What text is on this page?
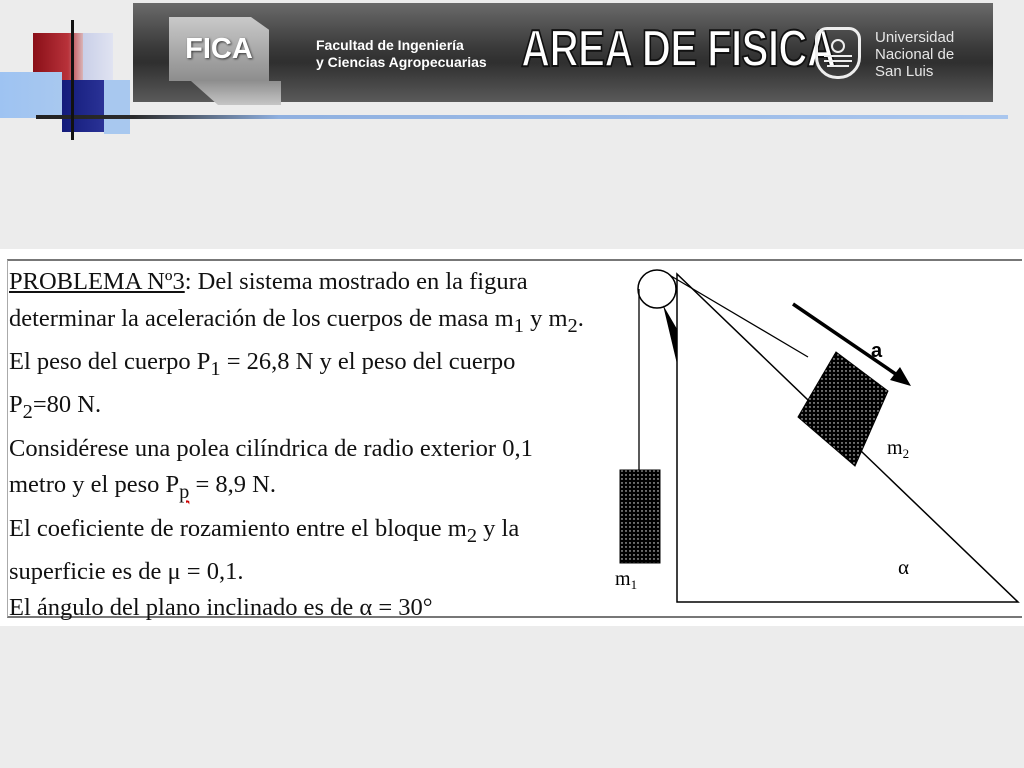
FICA	Facultad de Ingeniería
y Ciencias Agropecuarias AREA DE FISICA	Universidad
Nacional de
San Luis

PROBLEMA Nº3: Del sistema mostrado en la figura

determinar la aceleración de los cuerpos de masa $m_1$ y $m_2$.

El peso del cuerpo $P_1 = 26,8$ N y el peso del cuerpo

$P_2=80$ N.

Considérese una polea cilíndrica de radio exterior 0,1

metro y el peso $P_p = 8,9$ N.

El coeficiente de rozamiento entre el bloque $m_2$ y la

superficie es de μ = 0,1.

El ángulo del plano inclinado es de α = 30°

a
$m_2$
$m_1$
α
